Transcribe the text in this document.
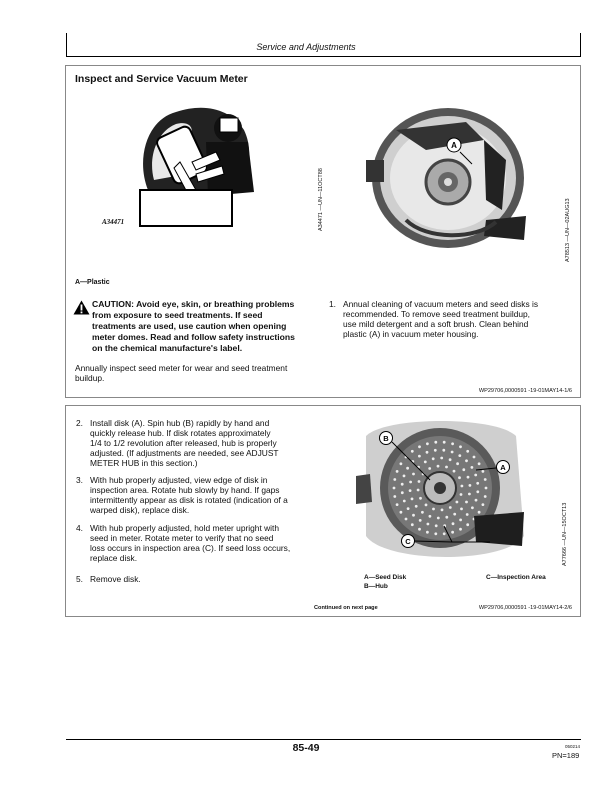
Service and Adjustments
Inspect and Service Vacuum Meter
A34471	A34471 —UN—11OCT88
A
A78513 —UN—02AUG13
A—Plastic
CAUTION: Avoid eye, skin, or breathing problems
from exposure to seed treatments. If seed
treatments are used, use caution when opening
meter domes. Read and follow safety instructions
on the chemical manufacture's label.
Annually inspect seed meter for wear and seed treatment
buildup.
1. Annual cleaning of vacuum meters and seed disks is
recommended. To remove seed treatment buildup,
use mild detergent and a soft brush. Clean behind
plastic (A) in vacuum meter housing.
WP29706,0000591 -19-01MAY14-1/6
2. Install disk (A). Spin hub (B) rapidly by hand and
quickly release hub. If disk rotates approximately
1/4 to 1/2 revolution after released, hub is properly
adjusted. (If adjustments are needed, see ADJUST
METER HUB in this section.)
3. With hub properly adjusted, view edge of disk in
inspection area. Rotate hub slowly by hand. If gaps
intermittently appear as disk is rotated (indication of a
warped disk), replace disk.
4. With hub properly adjusted, hold meter upright with
seed in meter. Rotate meter to verify that no seed
loss occurs in inspection area (C). If seed loss occurs,
replace disk.
5. Remove disk.
B
A
C	A77666 —UN—15OCT13
A—Seed Disk
B—Hub
C—Inspection Area
Continued on next page	WP29706,0000591 -19-01MAY14-2/6
85-49	050214
PN=189
